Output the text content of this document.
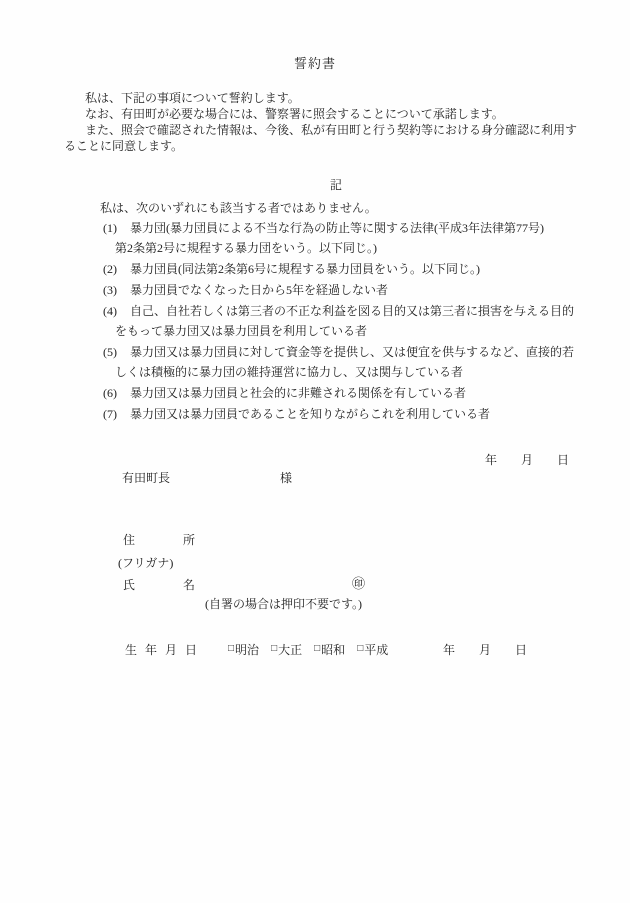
誓約書
私は、下記の事項について誓約します。
なお、有田町が必要な場合には、警察署に照会することについて承諾します。
また、照会で確認された情報は、今後、私が有田町と行う契約等における身分確認に利用す
ることに同意します。
記
私は、次のいずれにも該当する者ではありません。
(1) 暴力団(暴力団員による不当な行為の防止等に関する法律(平成3年法律第77号)
第2条第2号に規程する暴力団をいう。以下同じ。)
(2) 暴力団員(同法第2条第6号に規程する暴力団員をいう。以下同じ。)
(3) 暴力団員でなくなった日から5年を経過しない者
(4) 自己、自社若しくは第三者の不正な利益を図る目的又は第三者に損害を与える目的
をもって暴力団又は暴力団員を利用している者
(5) 暴力団又は暴力団員に対して資金等を提供し、又は便宜を供与するなど、直接的若
しくは積極的に暴力団の維持運営に協力し、又は関与している者
(6) 暴力団又は暴力団員と社会的に非難される関係を有している者
(7) 暴力団又は暴力団員であることを知りながらこれを利用している者
年　　月　　日
有田町長	様
住　　　　所
(フリガナ)
氏　　　　名	㊞
(自署の場合は押印不要です。)
生年月日 □ 明治 □ 大正 □ 昭和 □ 平成	年　　月　　日
